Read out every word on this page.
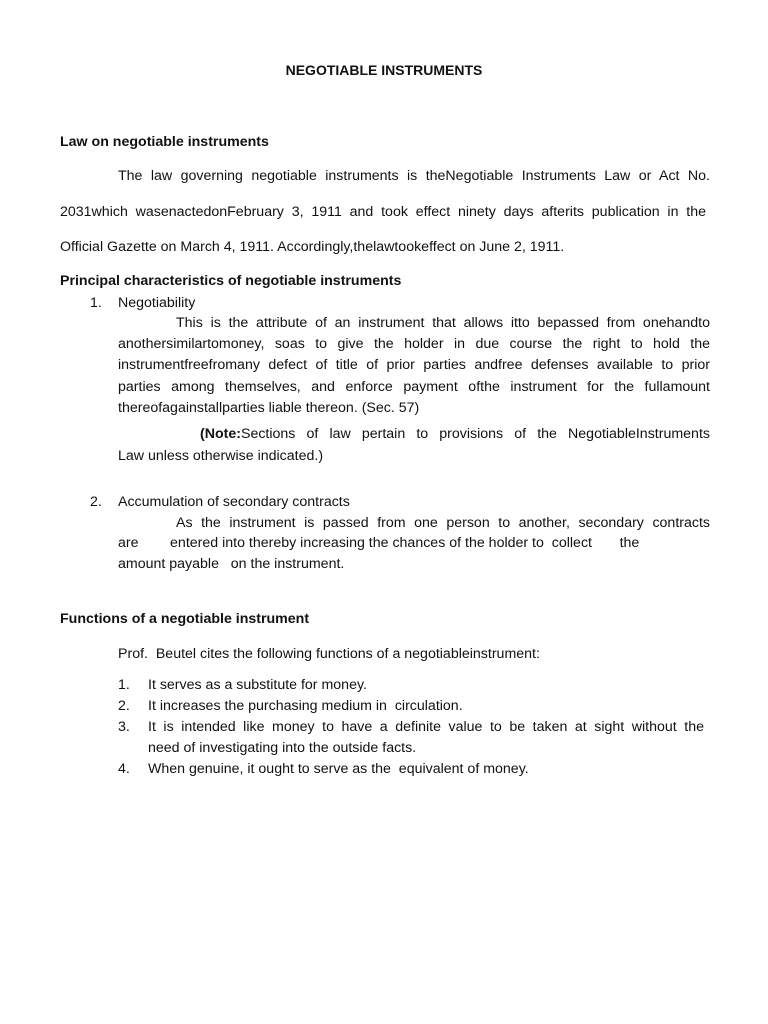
NEGOTIABLE INSTRUMENTS
Law on negotiable instruments
The law governing negotiable instruments is theNegotiable Instruments Law or Act No.
2031which wasenactedonFebruary 3, 1911 and took effect ninety days afterits publication in the
Official Gazette on March 4, 1911. Accordingly,thelawtookeffect on June 2, 1911.
Principal characteristics of negotiable instruments
1. Negotiability
This is the attribute of an instrument that allows itto bepassed from onehandto
anothersimilartomoney, soas to give the holder in due course the right to hold the
instrumentfreefromany defect of title of prior parties andfree defenses available to prior
parties among themselves, and enforce payment ofthe instrument for the fullamount
thereofagainstallparties liable thereon. (Sec. 57)
(Note: Sections of law pertain to provisions of the NegotiableInstruments
Law unless otherwise indicated.)
2. Accumulation of secondary contracts
As the instrument is passed from one person to another, secondary contracts
are        entered into thereby increasing the chances of the holder to  collect       the
amount payable   on the instrument.
Functions of a negotiable instrument
Prof.  Beutel cites the following functions of a negotiableinstrument:
1. It serves as a substitute for money.
2. It increases the purchasing medium in  circulation.
3. It is intended like money to have a definite value to be taken at sight without the
need of investigating into the outside facts.
4. When genuine, it ought to serve as the  equivalent of money.
